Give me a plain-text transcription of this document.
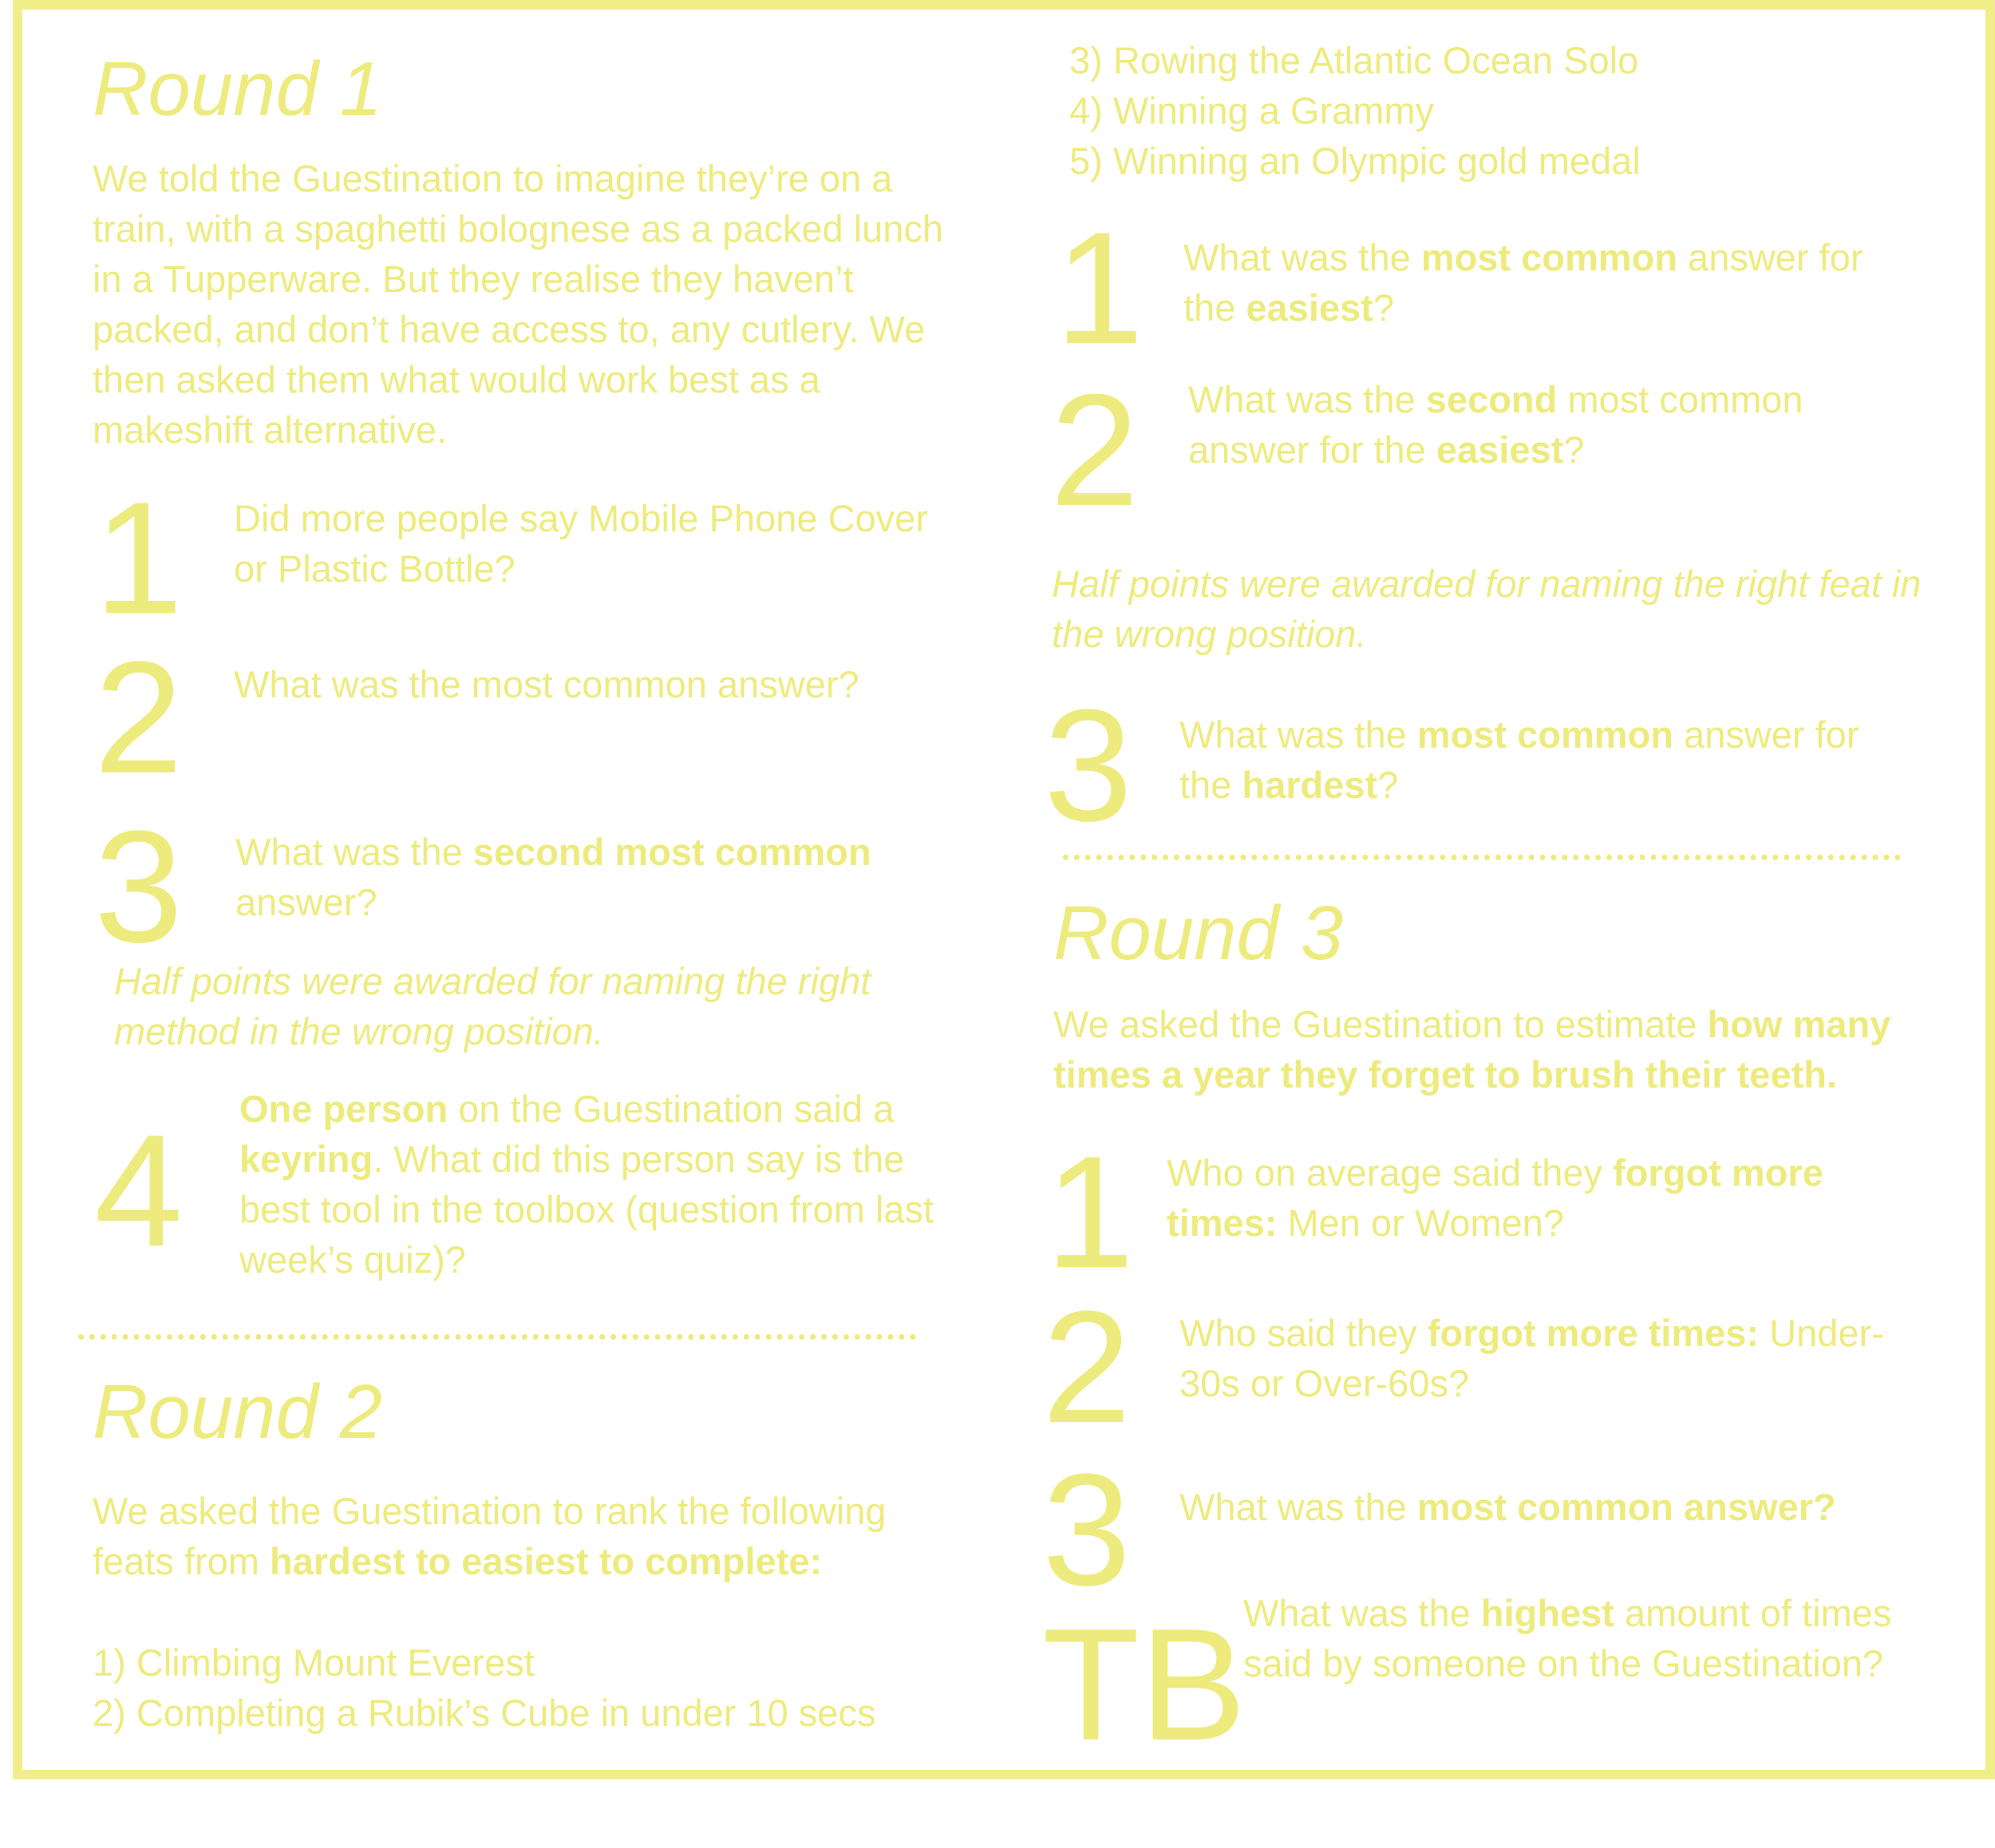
Round 1

We told the Guestination to imagine they’re on a train, with a spaghetti bolognese as a packed lunch in a Tupperware. But they realise they haven’t packed, and don’t have access to, any cutlery. We then asked them what would work best as a makeshift alternative.

1 Did more people say Mobile Phone Cover or Plastic Bottle?
2 What was the most common answer?
3 What was the second most common answer?

Half points were awarded for naming the right method in the wrong position.

4 One person on the Guestination said a keyring. What did this person say is the best tool in the toolbox (question from last week’s quiz)?
Round 2

We asked the Guestination to rank the following feats from hardest to easiest to complete:

1) Climbing Mount Everest
2) Completing a Rubik’s Cube in under 10 secs
3) Rowing the Atlantic Ocean Solo
4) Winning a Grammy
5) Winning an Olympic gold medal
1 What was the most common answer for the easiest?
2 What was the second most common answer for the easiest?

Half points were awarded for naming the right feat in the wrong position.

3 What was the most common answer for the hardest?
Round 3

We asked the Guestination to estimate how many times a year they forget to brush their teeth.

1 Who on average said they forgot more times: Men or Women?
2 Who said they forgot more times: Under-30s or Over-60s?
3 What was the most common answer?
TB
What was the highest amount of times said by someone on the Guestination?
